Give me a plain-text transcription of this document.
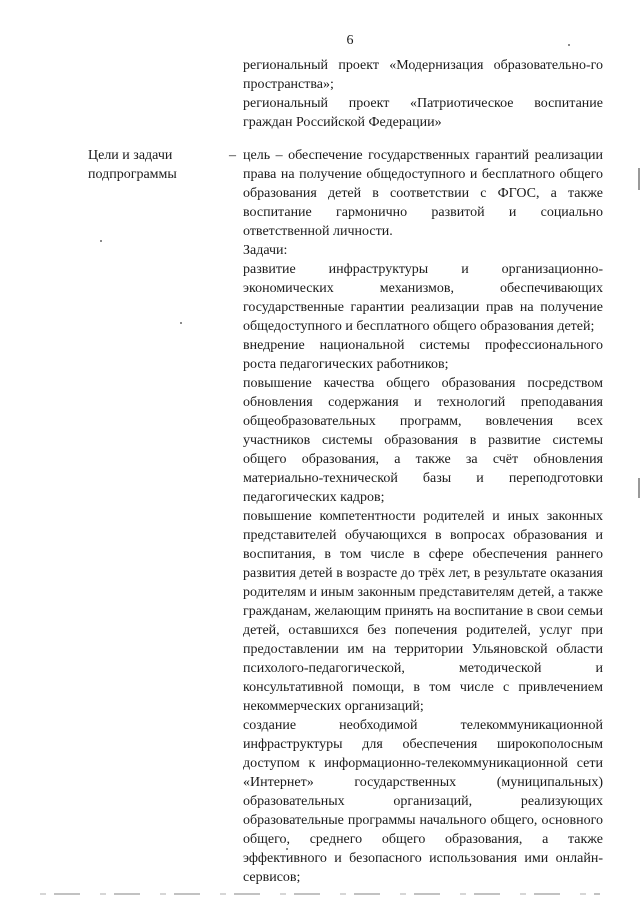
6

региональный проект «Модернизация образовательно-го пространства»;

региональный проект «Патриотическое воспитание граждан Российской Федерации»

Цели и задачи подпрограммы
– цель – обеспечение государственных гарантий реализации права на получение общедоступного и бесплатного общего образования детей в соответствии с ФГОС, а также воспитание гармонично развитой и социально ответственной личности.

Задачи:

развитие инфраструктуры и организационно-экономических механизмов, обеспечивающих государственные гарантии реализации прав на получение общедоступного и бесплатного общего образования детей;

внедрение национальной системы профессионального роста педагогических работников;

повышение качества общего образования посредством обновления содержания и технологий преподавания общеобразовательных программ, вовлечения всех участников системы образования в развитие системы общего образования, а также за счёт обновления материально-технической базы и переподготовки педагогических кадров;

повышение компетентности родителей и иных законных представителей обучающихся в вопросах образования и воспитания, в том числе в сфере обеспечения раннего развития детей в возрасте до трёх лет, в результате оказания родителям и иным законным представителям детей, а также гражданам, желающим принять на воспитание в свои семьи детей, оставшихся без попечения родителей, услуг при предоставлении им на территории Ульяновской области психолого-педагогической, методической и консультативной помощи, в том числе с привлечением некоммерческих организаций;

создание необходимой телекоммуникационной инфраструктуры для обеспечения широкополосным доступом к информационно-телекоммуникационной сети «Интернет» государственных (муниципальных) образовательных организаций, реализующих образовательные программы начального общего, основного общего, среднего общего образования, а также эффективного и безопасного использования ими онлайн-сервисов;
